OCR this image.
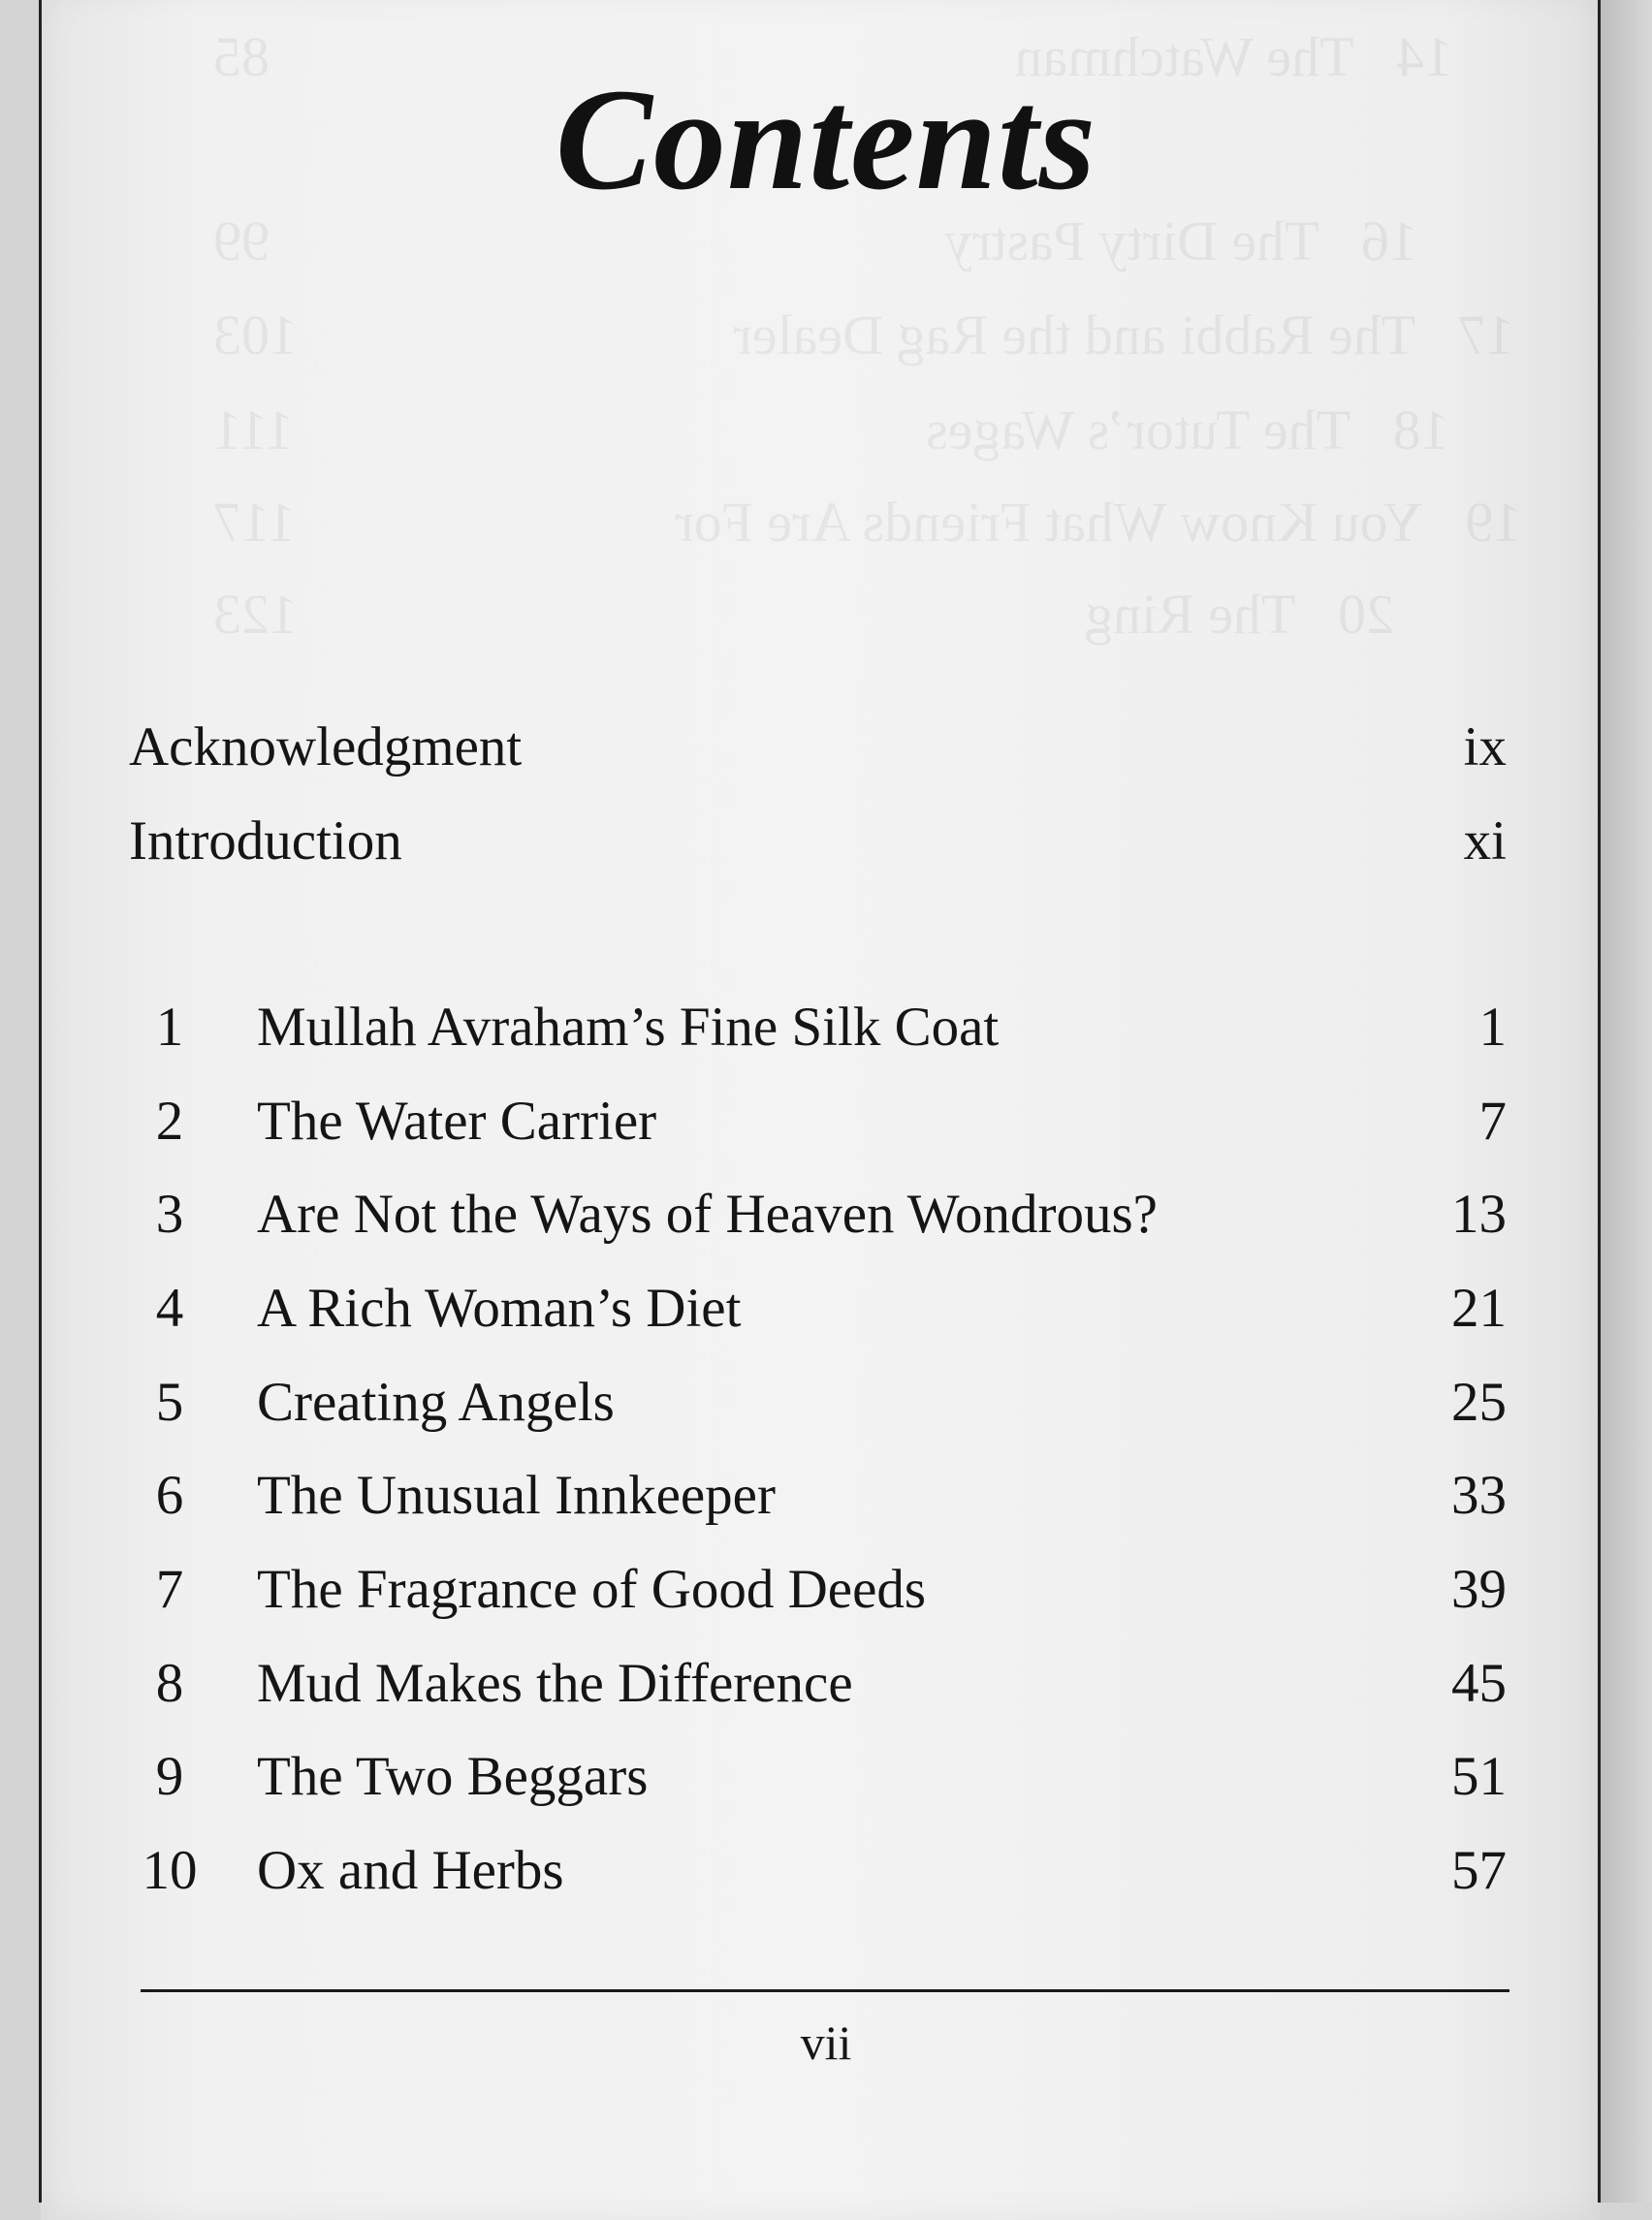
14   The Watchman                                                     85
16   The Dirty Pastry                                                99
17   The Rabbi and the Rag Dealer                               103
18   The Tutor’s Wages                                             111
19   You Know What Friends Are For                           117
20   The Ring                                                        123
Contents
Acknowledgment	ix
Introduction	xi
1	Mullah Avraham’s Fine Silk Coat	1
2	The Water Carrier	7
3	Are Not the Ways of Heaven Wondrous?	13
4	A Rich Woman’s Diet	21
5	Creating Angels	25
6	The Unusual Innkeeper	33
7	The Fragrance of Good Deeds	39
8	Mud Makes the Difference	45
9	The Two Beggars	51
10 Ox and Herbs	57
vii
